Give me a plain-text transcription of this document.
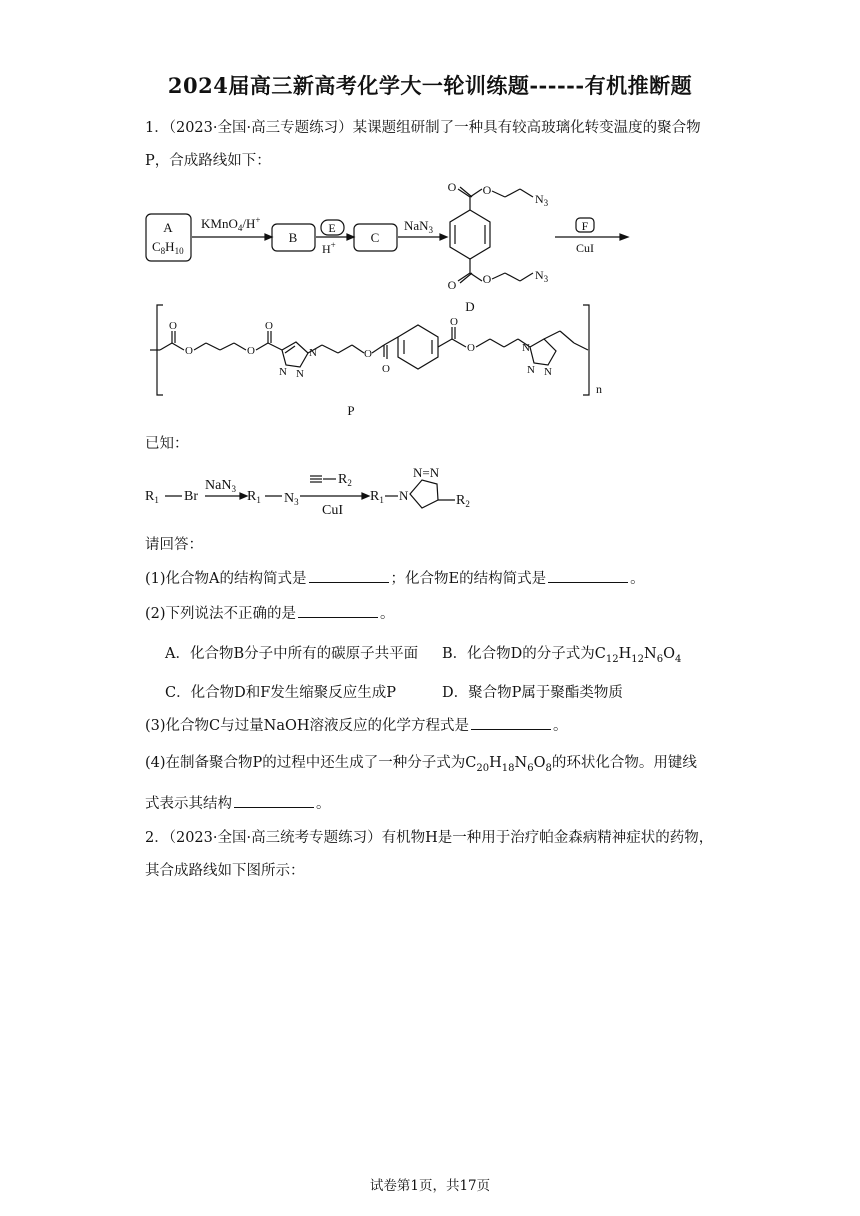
2024届高三新高考化学大一轮训练题------有机推断题
1．（2023·全国·高三专题练习）某课题组研制了一种具有较高玻璃化转变温度的聚合物
P，合成路线如下：
A
$C_8H_{10}$
KMnO$_4$/H+
B
E
H+	C
NaN$_3$
O O
$N_3$
O O	$N_3$
D
F
CuI
O
O	O
O
N
N
N
O
O
O
O	N
N
N
n
P
已知：
$R_1$ Br
NaN$_3$ $R_1$ $N_3$
$R_2$
CuI
$R_1$ N
N=N
$R_2$
请回答：
(1)化合物A的结构简式是	；化合物E的结构简式是	。
(2)下列说法不正确的是	。
A．化合物B分子中所有的碳原子共平面 B．化合物D的分子式为$C_{12}H_{12}N_6O_4$
C．化合物D和F发生缩聚反应生成P	D．聚合物P属于聚酯类物质
(3)化合物C与过量NaOH溶液反应的化学方程式是	。
(4)在制备聚合物P的过程中还生成了一种分子式为$C_{20}H_{18}N_6O_8$的环状化合物。用键线
式表示其结构	。
2．（2023·全国·高三统考专题练习）有机物H是一种用于治疗帕金森病精神症状的药物，
其合成路线如下图所示：
试卷第1页，共17页
